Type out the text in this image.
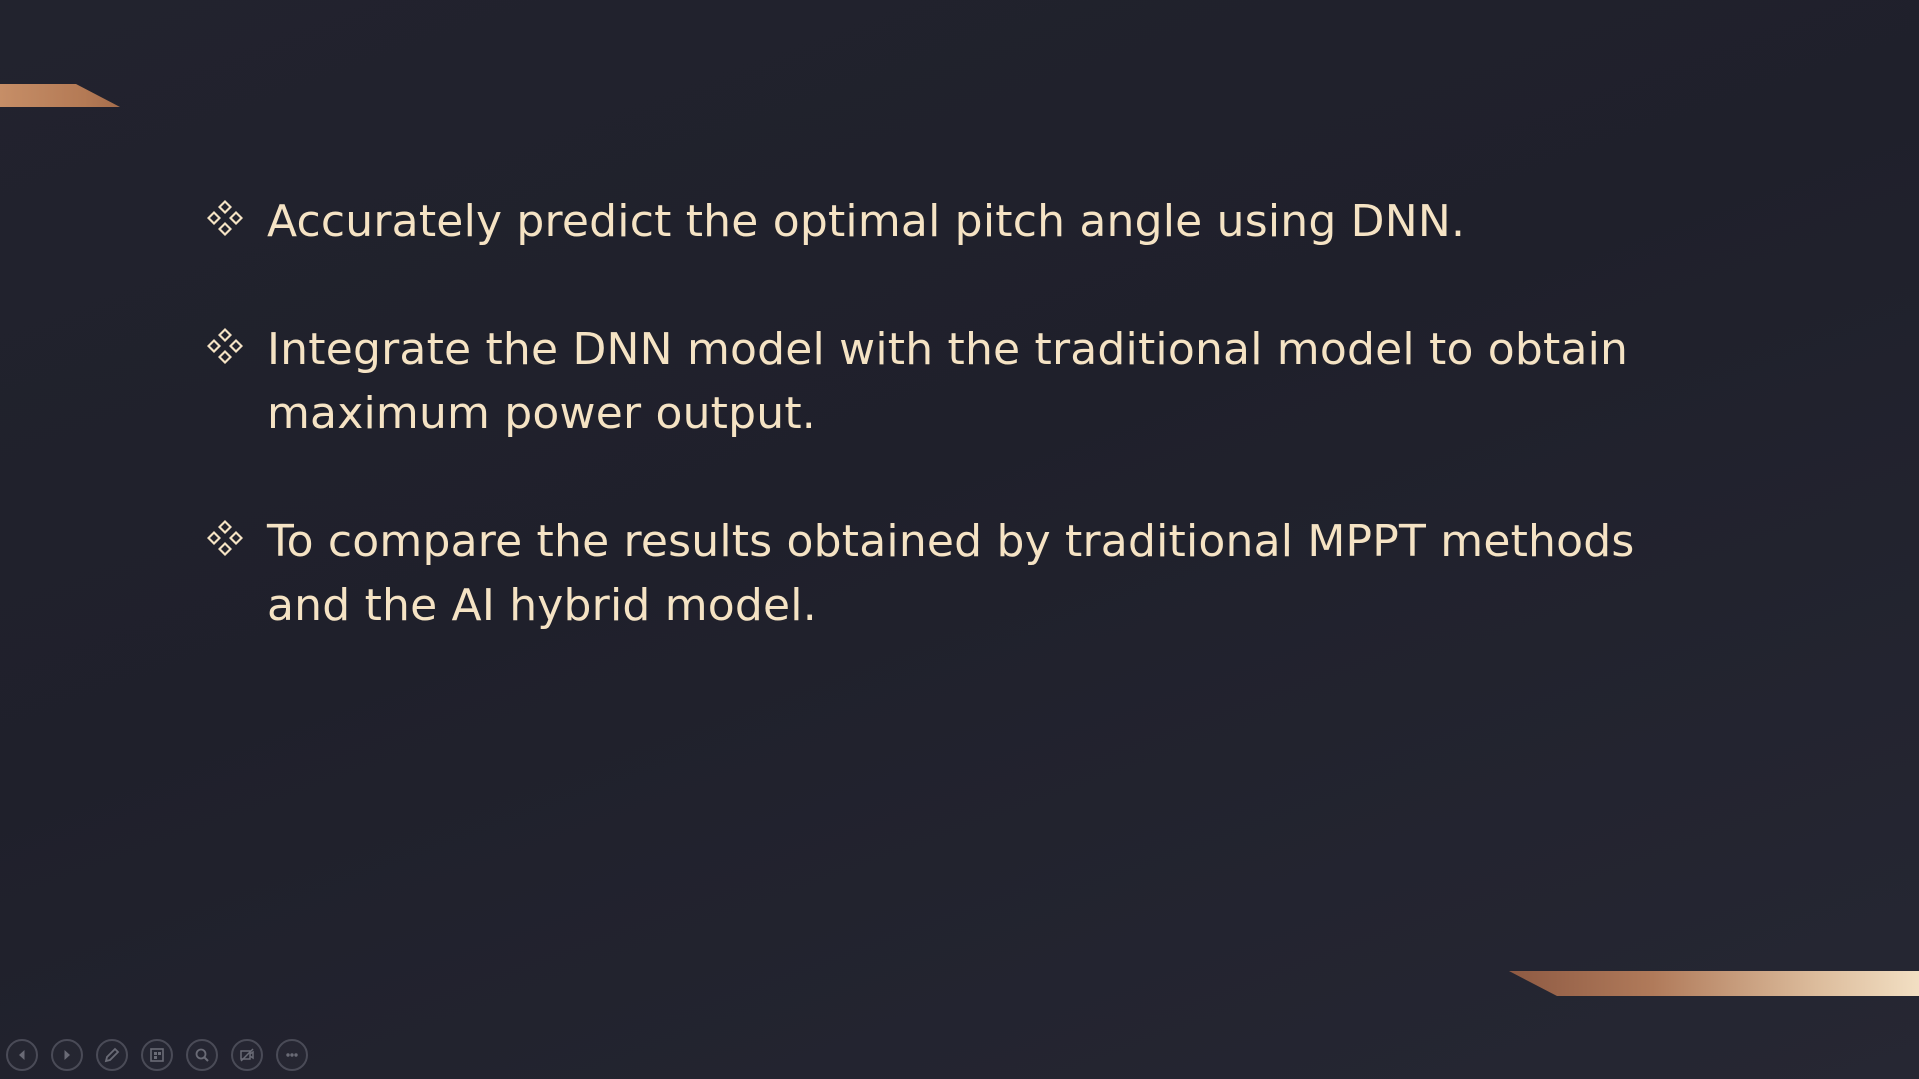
Accurately predict the optimal pitch angle using DNN.
Integrate the DNN model with the traditional model to obtain maximum power output.
To compare the results obtained by traditional MPPT methods and the AI hybrid model.
